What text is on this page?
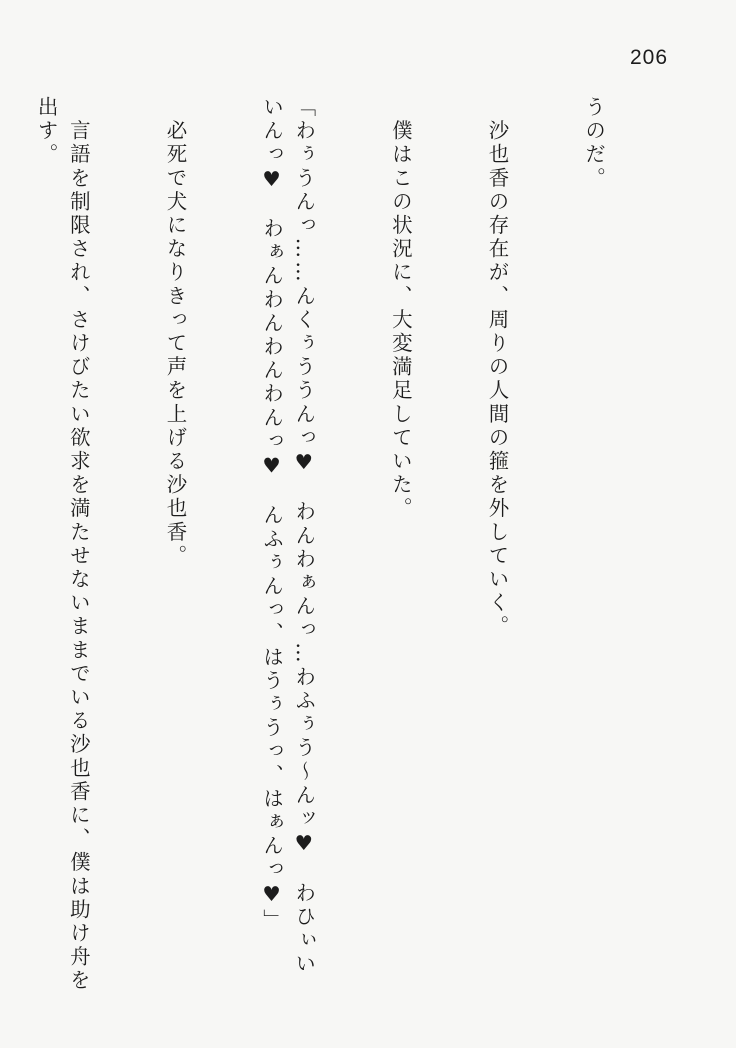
206

うのだ。

　沙也香の存在が、周りの人間の箍を外していく。

　僕はこの状況に、大変満足していた。

「わぅうんっ……んくぅううんっ♥　わんわぁんっ…わふぅう～んッ♥　わひぃいいんっ♥　わぁんわんわんわんっ♥　んふぅんっ、はうぅうっ、はぁんっ♥」

　必死で犬になりきって声を上げる沙也香。

　言語を制限され、さけびたい欲求を満たせないままでいる沙也香に、僕は助け舟を出す。
